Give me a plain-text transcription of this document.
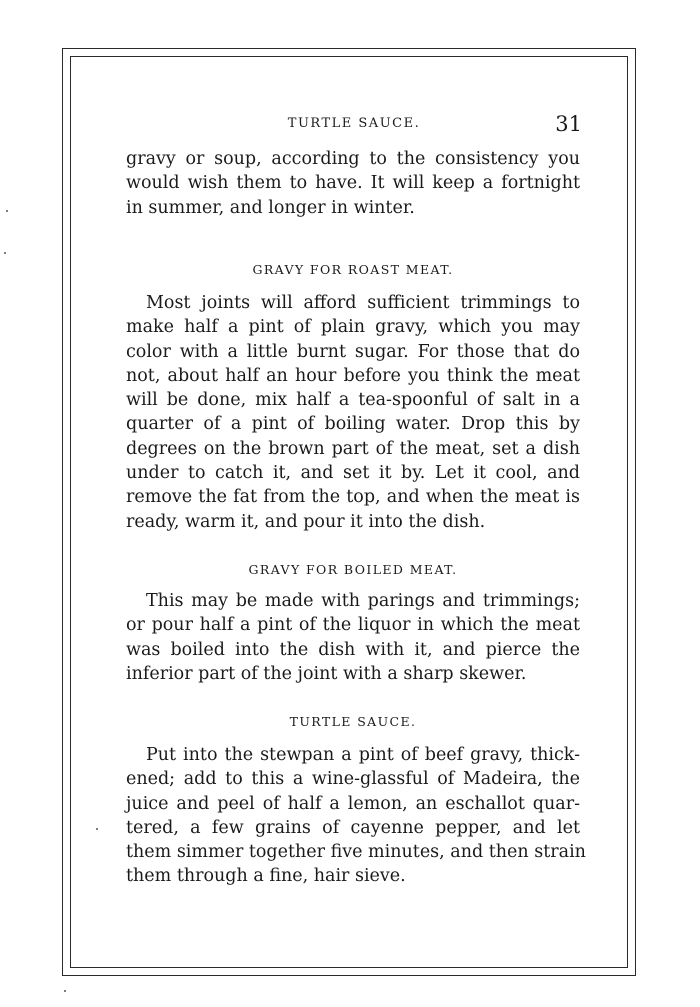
TURTLE SAUCE.	31
gravy or soup, according to the consistency you
would wish them to have. It will keep a fortnight
in summer, and longer in winter.
GRAVY FOR ROAST MEAT.
Most joints will afford sufficient trimmings to
make half a pint of plain gravy, which you may
color with a little burnt sugar. For those that do
not, about half an hour before you think the meat
will be done, mix half a tea-spoonful of salt in a
quarter of a pint of boiling water. Drop this by
degrees on the brown part of the meat, set a dish
under to catch it, and set it by. Let it cool, and
remove the fat from the top, and when the meat is
ready, warm it, and pour it into the dish.
GRAVY FOR BOILED MEAT.
This may be made with parings and trimmings;
or pour half a pint of the liquor in which the meat
was boiled into the dish with it, and pierce the
inferior part of the joint with a sharp skewer.
TURTLE SAUCE.
Put into the stewpan a pint of beef gravy, thick-
ened; add to this a wine-glassful of Madeira, the
juice and peel of half a lemon, an eschallot quar-
tered, a few grains of cayenne pepper, and let
them simmer together five minutes, and then strain
them through a fine, hair sieve.
